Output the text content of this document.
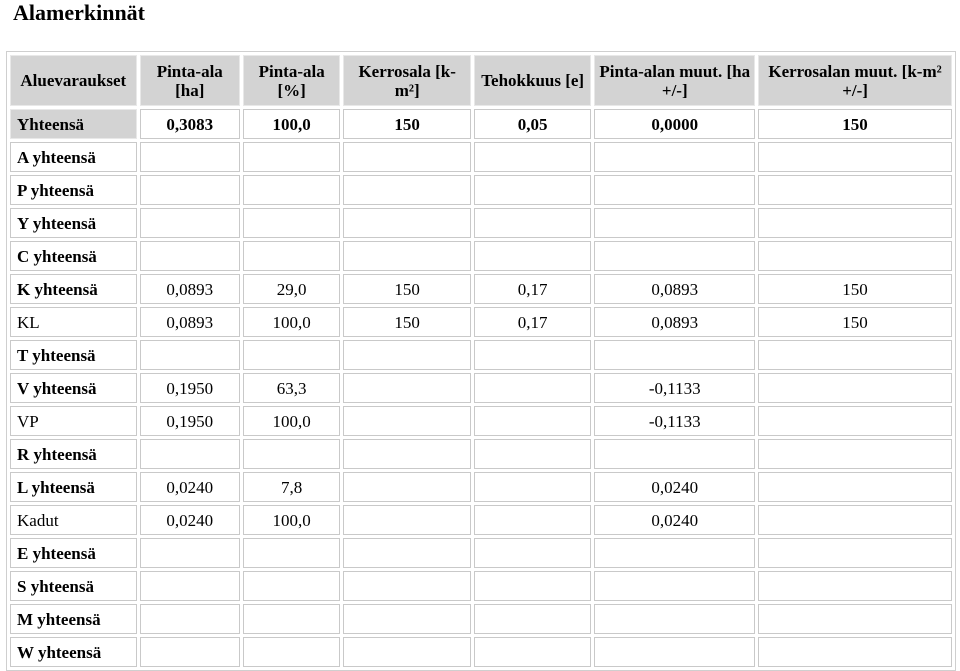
Alamerkinnät
Aluevaraukset	Pinta-ala [ha]	Pinta-ala [%]	Kerrosala [k-m²]	Tehokkuus [e]	Pinta-alan muut. [ha +/-]	Kerrosalan muut. [k-m² +/-]
Yhteensä	0,3083	100,0	150	0,05	0,0000	150
A yhteensä						
P yhteensä						
Y yhteensä						
C yhteensä						
K yhteensä	0,0893	29,0	150	0,17	0,0893	150
KL	0,0893	100,0	150	0,17	0,0893	150
T yhteensä						
V yhteensä	0,1950	63,3			-0,1133	
VP	0,1950	100,0			-0,1133	
R yhteensä						
L yhteensä	0,0240	7,8			0,0240	
Kadut	0,0240	100,0			0,0240	
E yhteensä						
S yhteensä						
M yhteensä						
W yhteensä						
